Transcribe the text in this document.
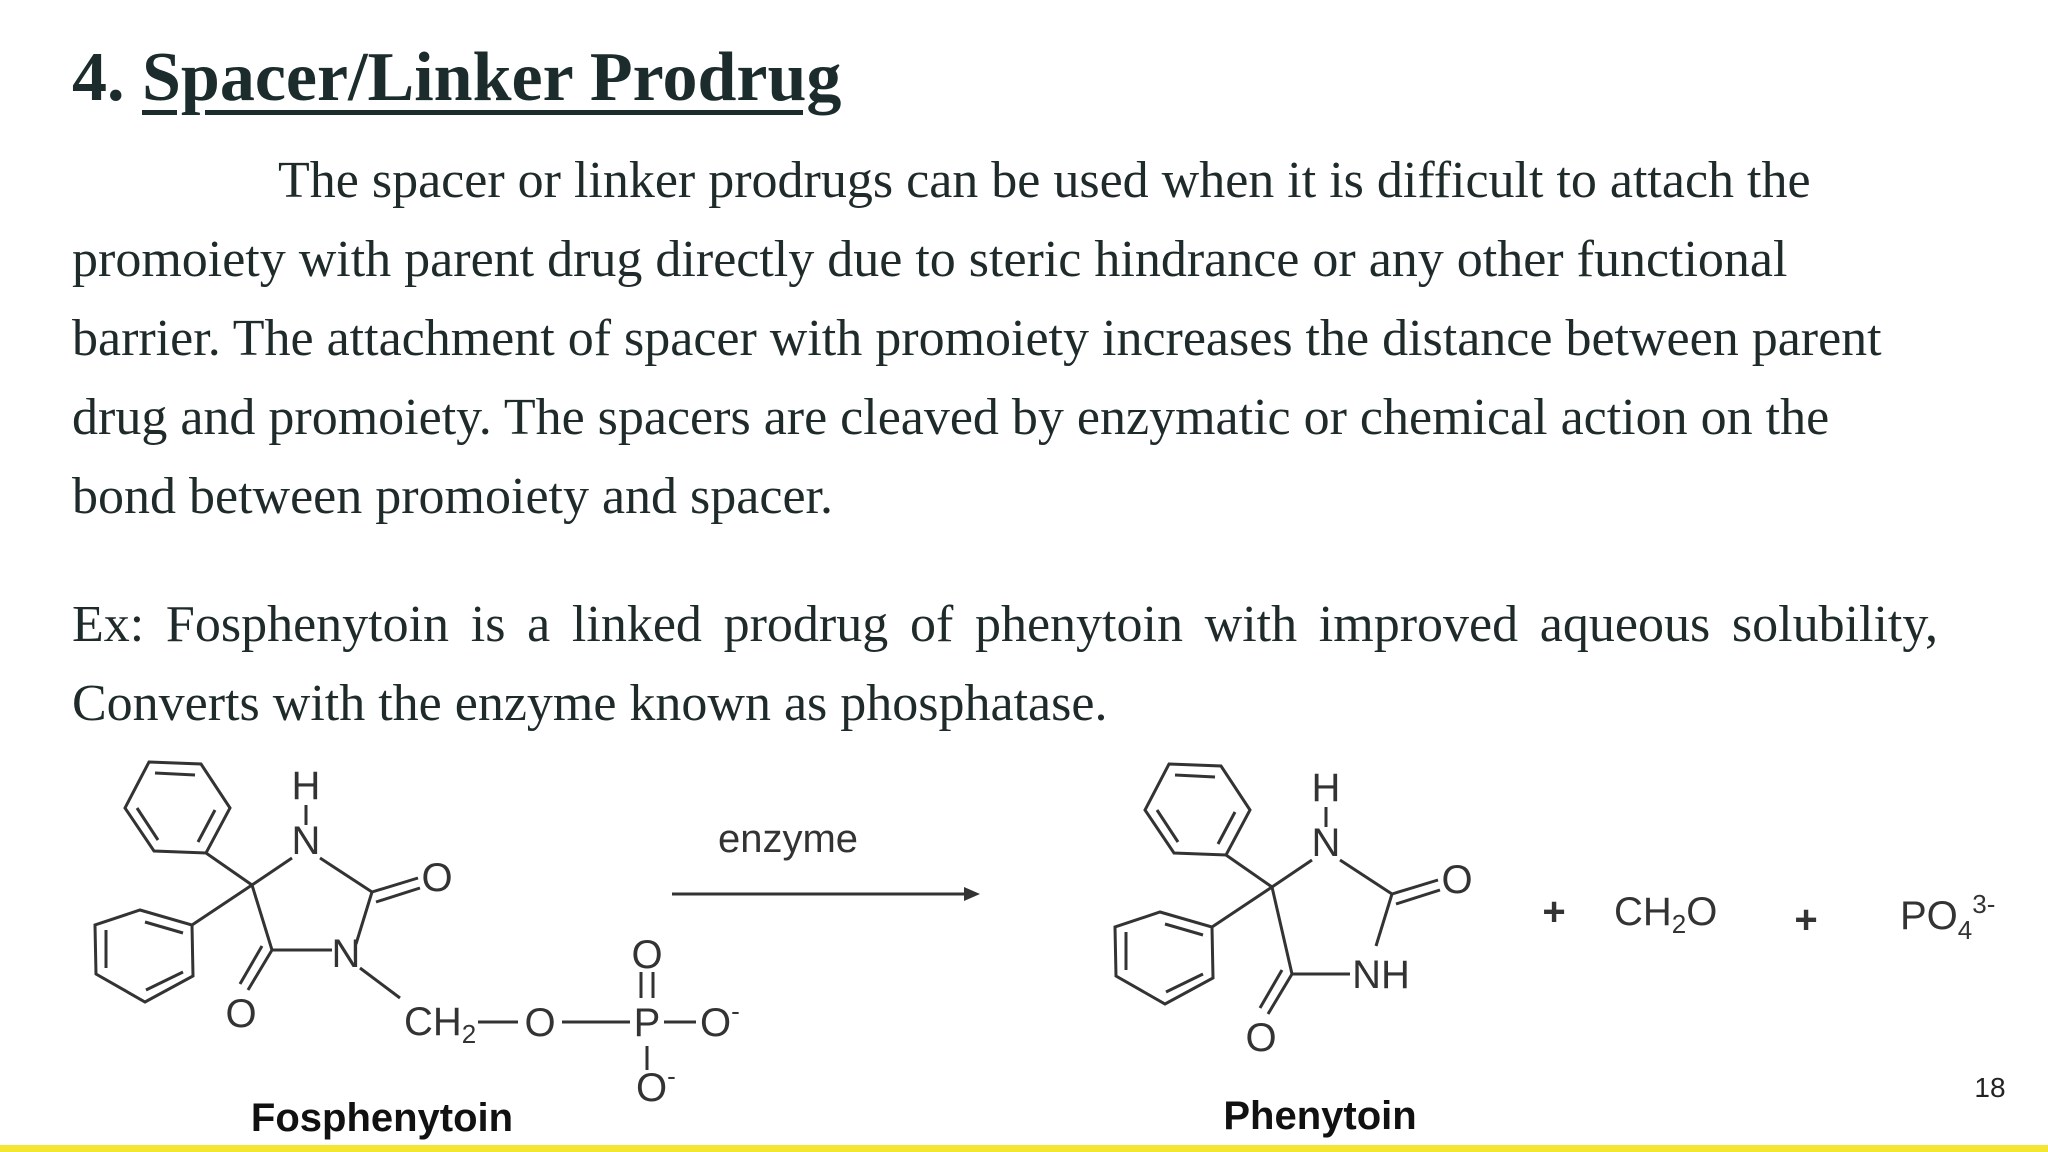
4. Spacer/Linker Prodrug

The spacer or linker prodrugs can be used when it is difficult to attach the promoiety with parent drug directly due to steric hindrance or any other functional barrier. The attachment of spacer with promoiety increases the distance between parent drug and promoiety. The spacers are cleaved by enzymatic or chemical action on the bond between promoiety and spacer.

Ex: Fosphenytoin is a linked prodrug of phenytoin with improved aqueous solubility, Converts with the enzyme known as phosphatase.

H
N
O
N
O	$CH_2$ O P
O
O-
O-
Fosphenytoin
enzyme
H
N
O
NH
O
Phenytoin
+ $CH_2O + PO_4^{3-}$
18
